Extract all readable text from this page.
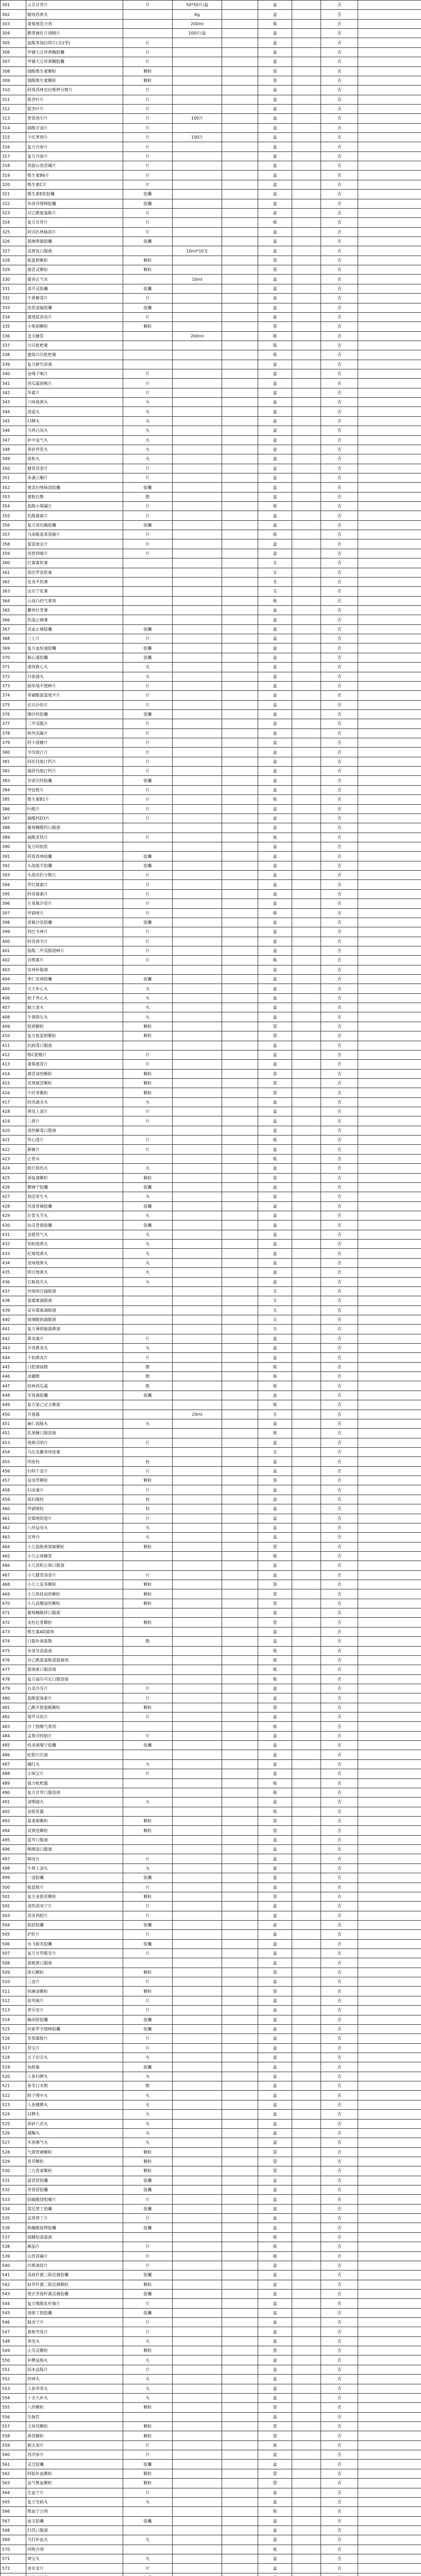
301	云乐甘草片	片	50*50片/盒		盒		否		
302	蜡烛西黄丸		6g		盒		否		
303	桑菊感冒合剂		200ml		瓶		否		
304	鹅掌硬化片酒精片		100片/盒		盒		否		
305	盐酸苯海拉明片(含2型)	片			盒		否		
306	甲磺大豆异黄酮胶囊	片			盒		否		
307	甲磺大豆异黄酮胶囊	片			盒		否		
308	烟酸维生素颗粒	颗粒			袋		否		
309	烟酸维生素颗粒	颗粒			袋		否		
310	阿莫西林克拉维钾分散片	片			盒		否		
311	银杏叶片	片			盒		否		
312	银杏叶片	片			盒		否		
313	普萘洛尔片	片	100片		盒		否		
314	硝酸甘油片	片			盒		否		
315	卡托普利片	片	100片		盒		否		
316	复方丹参片	片			盒		否		
317	复方丹参片	片			盒		否		
318	消旋山莨菪碱片	片			盒		否		
319	维生素B6片	片			盒		否		
320	维生素C片	片			盒		否		
321	维生素E软胶囊	胶囊			盒		否		
322	布洛芬缓释胶囊	胶囊			盒		否		
323	对乙酰氨基酚片	片			盒		否		
324	复方甘草片	片			瓶		否		
325	阿司匹林肠溶片	片			盒		否		
326	氨咖黄敏胶囊	胶囊			盒		否		
327	双黄连口服液		10ml*10支		盒		否		
328	板蓝根颗粒	颗粒			袋		否		
329	感冒灵颗粒	颗粒			袋		否		
330	藿香正气水		10ml		盒		否		
331	清开灵胶囊	胶囊			盒		否		
332	牛黄解毒片	片			盒		否		
333	连花清瘟胶囊	胶囊			盒		否		
334	蒲地蓝消炎片	片			盒		否		
335	小柴胡颗粒	颗粒			袋		否		
336	急支糖浆		200ml		瓶		否		
337	川贝枇杷膏				瓶		否		
338	蜜炼川贝枇杷膏				瓶		否		
339	复方鲜竹沥液				盒		否		
340	金嗓子喉片	片			盒		否		
341	西瓜霜润喉片	片			盒		否		
342	华素片	片			盒		否		
343	六味地黄丸	丸			盒		否		
344	逍遥丸	丸			盒		否		
345	归脾丸	丸			盒		否		
346	乌鸡白凤丸	丸			盒		否		
347	补中益气丸	丸			盒		否		
348	香砂养胃丸	丸			盒		否		
349	保和丸	丸			盒		否		
350	健胃消食片	片			盒		否		
351	多潘立酮片	片			盒		否		
352	奥美拉唑肠溶胶囊	胶囊			盒		否		
353	蒙脱石散	散			盒		否		
354	盐酸小檗碱片	片			瓶		否		
355	乳酸菌素片	片			盒		否		
356	复方消化酶胶囊	胶囊			盒		否		
357	马来酸氯苯那敏片	片			瓶		否		
358	氯雷他定片	片			盒		否		
359	西替利嗪片	片			盒		否		
360	红霉素软膏				支		否		
361	莫匹罗星软膏				支		否		
362	皮炎平软膏				支		否		
363	达克宁乳膏				支		否		
364	云南白药气雾剂				瓶		否		
365	麝香壮骨膏				盒		否		
366	伤湿止痛膏				盒		否		
367	活血止痛胶囊	胶囊			盒		否		
368	三七片	片			盒		否		
369	复方血栓通胶囊	胶囊			盒		否		
370	脑心通胶囊	胶囊			盒		否		
371	速效救心丸	丸			盒		否		
372	丹参滴丸	丸			盒		否		
373	硝苯地平缓释片	片			盒		否		
374	苯磺酸氨氯地平片	片			盒		否		
375	厄贝沙坦片	片			盒		否		
376	缬沙坦胶囊	胶囊			盒		否		
377	二甲双胍片	片			盒		否		
378	格列美脲片	片			盒		否		
379	阿卡波糖片	片			盒		否		
380	辛伐他汀片	片			盒		否		
381	阿托伐他汀钙片	片			盒		否		
382	瑞舒伐他汀钙片	片			盒		否		
383	非诺贝特胶囊	胶囊			盒		否		
384	甲钴胺片	片			盒		否		
385	维生素B1片	片			瓶		否		
386	叶酸片	片			盒		否		
387	碳酸钙D3片	片			盒		否		
388	葡萄糖酸钙口服液				盒		否		
389	硫酸亚铁片	片			瓶		否		
390	复方阿胶浆				盒		否		
391	阿莫西林胶囊	胶囊			盒		否		
392	头孢氨苄胶囊	胶囊			盒		否		
393	头孢克肟分散片	片			盒		否		
394	罗红霉素片	片			盒		否		
395	阿奇霉素片	片			盒		否		
396	左氧氟沙星片	片			盒		否		
397	甲硝唑片	片			瓶		否		
398	诺氟沙星胶囊	胶囊			盒		否		
399	利巴韦林片	片			盒		否		
400	阿昔洛韦片	片			盒		否		
401	盐酸二甲双胍缓释片	片			盒		否		
402	谷维素片	片			瓶		否		
403	安神补脑液				盒		否		
404	枣仁安神胶囊	胶囊			盒		否		
405	天王补心丸	丸			盒		否		
406	柏子养心丸	丸			盒		否		
407	脑立清丸	丸			盒		否		
408	牛黄降压丸	丸			盒		否		
409	银黄颗粒	颗粒			袋		否		
410	复方板蓝根颗粒	颗粒			袋		否		
411	抗病毒口服液				盒		否		
412	维C银翘片	片			盒		否		
413	桑菊感冒片	片			盒		否		
414	感冒清热颗粒	颗粒			袋		否		
415	风寒感冒颗粒	颗粒			袋		否		
416	午时茶颗粒	颗粒			袋		否		
417	防风通圣丸	丸			盒		否		
418	黄连上清片	片			盒		否		
419	三黄片	片			盒		否		
420	清热解毒口服液				盒		否		
421	穿心莲片	片			瓶		否		
422	新癀片	片			盒		否		
423	正骨水				瓶		否		
424	跌打损伤丸	丸			盒		否		
425	颈复康颗粒	颗粒			袋		否		
426	腰痛宁胶囊	胶囊			盒		否		
427	独活寄生丸	丸			盒		否		
428	风湿骨痛胶囊	胶囊			盒		否		
429	壮骨关节丸	丸			盒		否		
430	仙灵骨葆胶囊	胶囊			盒		否		
431	金匮肾气丸	丸			盒		否		
432	知柏地黄丸	丸			盒		否		
433	杞菊地黄丸	丸			盒		否		
434	麦味地黄丸	丸			盒		否		
435	明目地黄丸	丸			盒		否		
436	石斛夜光丸	丸			盒		否		
437	珍珠明目滴眼液				支		否		
438	氯霉素滴眼液				支		否		
439	妥布霉素滴眼液				支		否		
440	玻璃酸钠滴眼液				支		否		
441	复方薄荷脑滴鼻液				支		否		
442	鼻炎康片	片			盒		否		
443	辛夷鼻炎丸	丸			盒		否		
444	千柏鼻炎片	片			盒		否		
445	口腔溃疡散	散			瓶		否		
446	冰硼散	散			瓶		否		
447	桂林西瓜霜	散			瓶		否		
448	牙周康胶囊	胶囊			盒		否		
449	复方氯己定含漱液				瓶		否		
450	开塞露		20ml		支		否		
451	麻仁润肠丸	丸			盒		否		
452	乳果糖口服溶液				瓶		否		
453	地奥司明片	片			盒		否		
454	马应龙麝香痔疮膏				支		否		
455	痔疮栓	栓			盒		否		
456	妇科千金片	片			盒		否		
457	益母草颗粒	颗粒			袋		否		
458	妇炎康片	片			盒		否		
459	保妇康栓	栓			盒		否		
460	甲硝唑栓	栓			盒		否		
461	克霉唑阴道片	片			盒		否		
462	八珍益母丸	丸			盒		否		
463	定坤丹	丸			盒		否		
464	小儿氨酚黄那敏颗粒	颗粒			袋		否		
465	小儿止咳糖浆				瓶		否		
466	小儿消积止咳口服液				盒		否		
467	小儿健胃消食片	片			盒		否		
468	小儿七星茶颗粒	颗粒			袋		否		
469	小儿柴桂退热颗粒	颗粒			袋		否		
470	小儿豉翘清热颗粒	颗粒			袋		否		
471	葡萄糖酸锌口服液				盒		否		
472	龙牡壮骨颗粒	颗粒			袋		否		
473	维生素AD滴剂				盒		否		
474	口服补液盐散	散			盒		否		
475	布洛芬混悬液				瓶		否		
476	对乙酰氨基酚混悬滴剂				瓶		否		
477	氨溴索口服溶液				瓶		否		
478	复方福尔可定口服溶液				瓶		否		
479	右美沙芬片	片			盒		否		
480	盐酸氨溴索片	片			盒		否		
481	乙酰半胱氨酸颗粒	颗粒			袋		否		
482	羧甲司坦片	片			盒		否		
483	沙丁胺醇气雾剂				瓶		否		
484	孟鲁司特钠片	片			盒		否		
485	桂龙咳喘宁胶囊	胶囊			盒		否		
486	蛇胆川贝液				盒		否		
487	橘红丸	丸			盒		否		
488	止咳宝片	片			盒		否		
489	强力枇杷露				瓶		否		
490	复方甘草口服溶液				瓶		否		
491	清咽滴丸	丸			盒		否		
492	金银花露				瓶		否		
493	夏桑菊颗粒	颗粒			袋		否		
494	双黄连颗粒	颗粒			袋		否		
495	蓝芩口服液				盒		否		
496	喉咽清口服液				盒		否		
497	咽炎片	片			盒		否		
498	牛黄上清丸	丸			盒		否		
499	一清胶囊	胶囊			盒		否		
500	板蓝根片	片			盒		否		
501	复方金银花颗粒	颗粒			袋		否		
502	清热消炎宁片	片			盒		否		
503	消炎利胆片	片			盒		否		
504	胆舒胶囊	胶囊			盒		否		
505	护肝片	片			盒		否		
506	水飞蓟宾胶囊	胶囊			盒		否		
507	复方甘草酸苷片	片			盒		否		
508	茵栀黄口服液				盒		否		
509	排石颗粒	颗粒			袋		否		
510	三金片	片			盒		否		
511	热淋清颗粒	颗粒			袋		否		
512	前列康片	片			盒		否		
513	普乐安片	片			盒		否		
514	癃闭舒胶囊	胶囊			盒		否		
515	坦索罗辛缓释胶囊	胶囊			盒		否		
516	非那雄胺片	片			盒		否		
517	肾宝片	片			盒		否		
518	五子衍宗丸	丸			盒		否		
519	龟龄集	胶囊			盒		否		
520	人参归脾丸	丸			盒		否		
521	参苓白术散	散			盒		否		
522	附子理中丸	丸			盒		否		
523	人参健脾丸	丸			盒		否		
524	启脾丸	丸			盒		否		
525	香砂六君丸	丸			盒		否		
526	越鞠丸	丸			盒		否		
527	木香顺气丸	丸			盒		否		
528	气滞胃痛颗粒	颗粒			袋		否		
529	胃苏颗粒	颗粒			袋		否		
530	三九胃泰颗粒	颗粒			袋		否		
531	温胃舒胶囊	胶囊			盒		否		
532	养胃舒胶囊	胶囊			盒		否		
533	铝碳酸镁咀嚼片	片			盒		否		
534	雷尼替丁胶囊	胶囊			盒		否		
535	法莫替丁片	片			盒		否		
536	枸橼酸铋钾胶囊	胶囊			盒		否		
537	硫糖铝混悬液				瓶		否		
538	颠茄片	片			瓶		否		
539	山莨菪碱片	片			瓶		否		
540	匹维溴铵片	片			盒		否		
541	双歧杆菌三联活菌胶囊	胶囊			盒		否		
542	枯草杆菌二联活菌颗粒	颗粒			盒		否		
543	地衣芽孢杆菌活菌胶囊	胶囊			盒		否		
544	复方嗜酸乳杆菌片	片			盒		否		
545	洛哌丁胺胶囊	胶囊			盒		否		
546	肠炎宁片	片			盒		否		
547	葛根芩连片	片			盒		否		
548	香连丸	丸			盒		否		
549	止泻灵颗粒	颗粒			袋		否		
550	补脾益肠丸	丸			盒		否		
551	固本益肠片	片			盒		否		
552	四神丸	丸			盒		否		
553	人参养荣丸	丸			盒		否		
554	十全大补丸	丸			盒		否		
555	八珍颗粒	颗粒			袋		否		
556	生脉饮				盒		否		
557	玉屏风颗粒	颗粒			袋		否		
558	黄芪颗粒	颗粒			袋		否		
559	刺五加片	片			瓶		否		
560	西洋参片	片			盒		否		
561	灵芝胶囊	胶囊			盒		否		
562	阿胶补血颗粒	颗粒			袋		否		
563	益气维血颗粒	颗粒			袋		否		
564	生血宁片	片			盒		否		
565	复方皂矾丸	丸			盒		否		
566	维血宁合剂				瓶		否		
567	血宝胶囊	胶囊			盒		否		
568	归芪口服液				盒		否		
569	当归补血丸	丸			盒		否		
570	四物合剂				瓶		否		
571	坤宝丸	丸			盒		否		
572	更年安片	片			盒		否		
